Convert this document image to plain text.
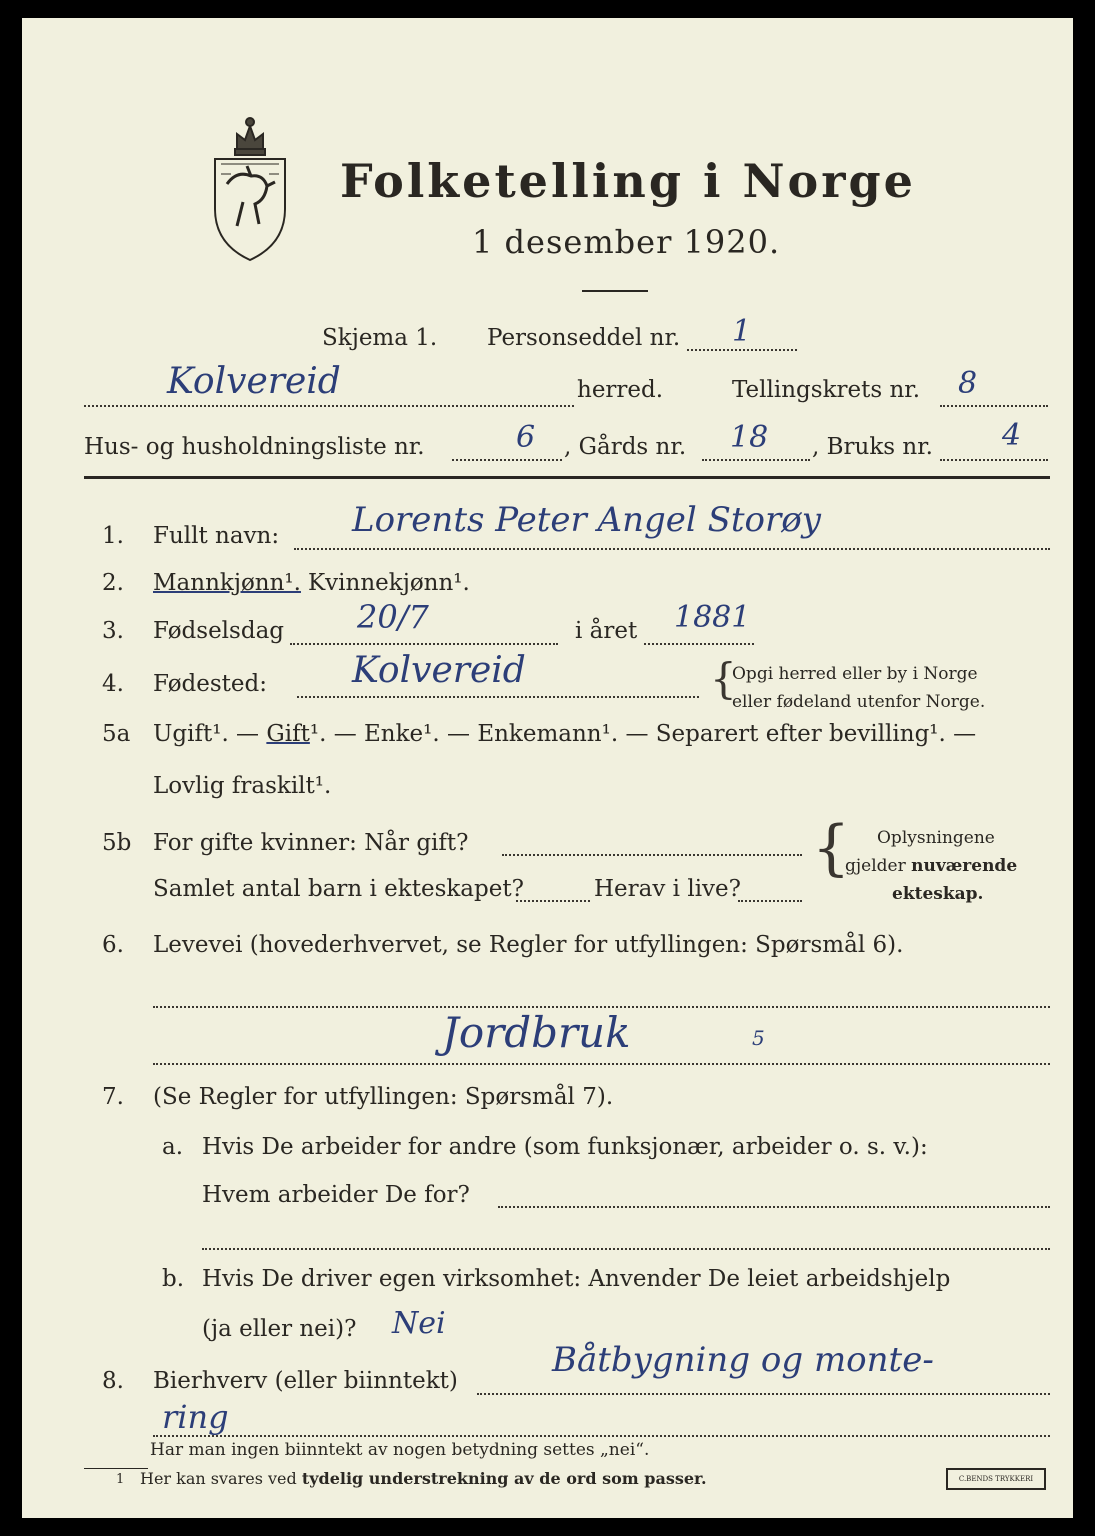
Folketelling i Norge
1 desember 1920.
Skjema 1. Personseddel nr. 1
Kolvereid	herred.	Tellingskrets nr. 8
Hus- og husholdningsliste nr.	6 , Gårds nr. 18 , Bruks nr. 4
1. Fullt navn: Lorents Peter Angel Storøy
2. Mannkjønn¹. Kvinnekjønn¹.
3. Fødselsdag 20/7	i året 1881
4. Fødested: Kolvereid	{
Opgi herred eller by i Norge
eller fødeland utenfor Norge.
5a Ugift¹. — Gift¹. — Enke¹. — Enkemann¹. — Separert efter bevilling¹. —
Lovlig fraskilt¹.
5b For gifte kvinner: Når gift?
Samlet antal barn i ekteskapet?	Herav i live?
{ Oplysningene
gjelder nuværende
ekteskap.
6. Levevei (hovederhvervet, se Regler for utfyllingen: Spørsmål 6).
Jordbruk	5
7. (Se Regler for utfyllingen: Spørsmål 7).
a. Hvis De arbeider for andre (som funksjonær, arbeider o. s. v.):
Hvem arbeider De for?
b. Hvis De driver egen virksomhet: Anvender De leiet arbeidshjelp
(ja eller nei)? Nei
8. Bierhverv (eller biinntekt)
Båtbygning og monte-
ring
Har man ingen biinntekt av nogen betydning settes „nei“.
1 Her kan svares ved tydelig understrekning av de ord som passer.	C.BENDS TRYKKERI
